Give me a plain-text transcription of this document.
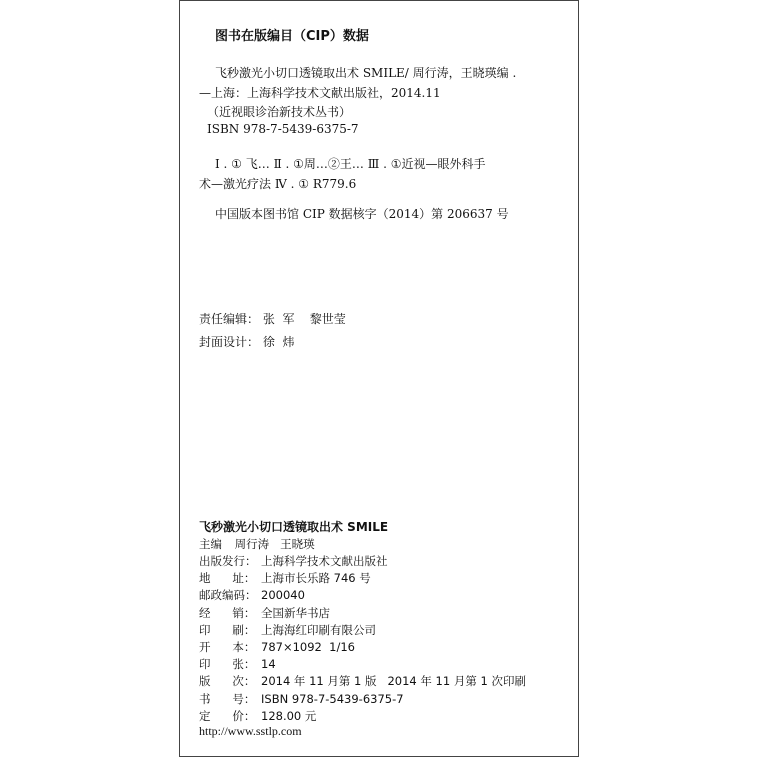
图书在版编目（CIP）数据
飞秒激光小切口透镜取出术 SMILE/ 周行涛，王晓瑛编 .
—上海：上海科学技术文献出版社，2014.11
（近视眼诊治新技术丛书）
ISBN 978-7-5439-6375-7
Ⅰ . ① 飞… Ⅱ . ①周…②王… Ⅲ . ①近视—眼外科手
术—激光疗法 Ⅳ . ① R779.6
中国版本图书馆 CIP 数据核字（2014）第 206637 号
责任编辑： 张  军    黎世莹
封面设计： 徐  炜
飞秒激光小切口透镜取出术 SMILE
主编 周行涛   王晓瑛
出版发行： 上海科学技术文献出版社
地      址： 上海市长乐路 746 号
邮政编码： 200040
经      销： 全国新华书店
印      刷： 上海海红印刷有限公司
开      本： 787×1092  1/16
印      张： 14
版      次： 2014 年 11 月第 1 版   2014 年 11 月第 1 次印刷
书      号： ISBN 978-7-5439-6375-7
定      价： 128.00 元
http://www.sstlp.com
